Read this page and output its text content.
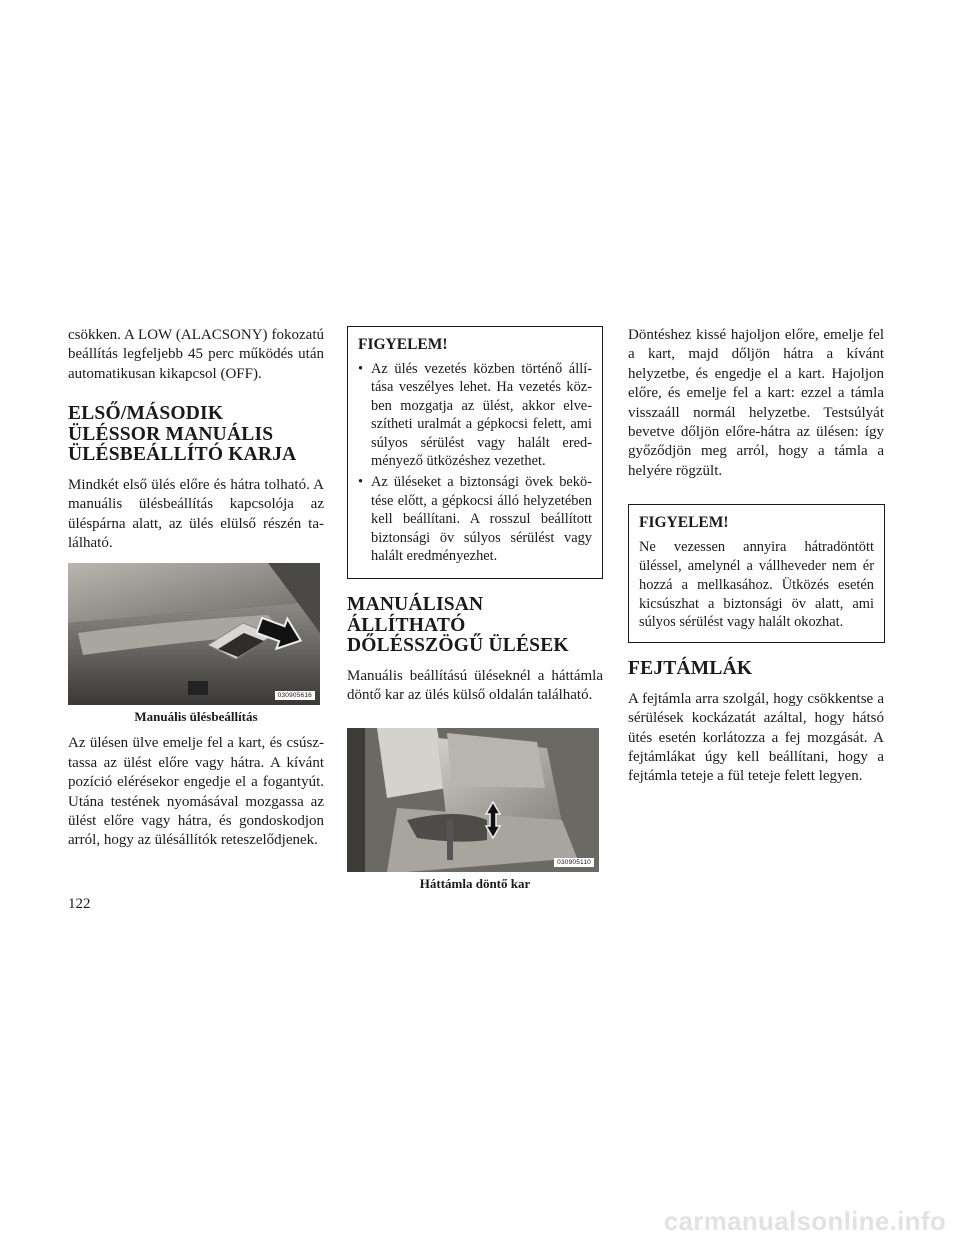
csökken. A LOW (ALACSONY) fokozatú beállítás legfeljebb 45 perc működés után automatikusan kikapcsol (OFF).

ELSŐ/MÁSODIK
ÜLÉSSOR MANUÁLIS
ÜLÉSBEÁLLÍTÓ KARJA

Mindkét első ülés előre és hátra tolható. A manuális ülésbeállítás kapcsolója az üléspárna alatt, az ülés elülső részén található.

030905616
Manuális ülésbeállítás

Az ülésen ülve emelje fel a kart, és csúsztassa az ülést előre vagy hátra. A kívánt pozíció elérésekor engedje el a fogantyút. Utána testének nyomásával mozgassa az ülést előre vagy hátra, és gondoskodjon arról, hogy az ülésállítók reteszelődjenek.

FIGYELEM!
• Az ülés vezetés közben történő állítása veszélyes lehet. Ha vezetés közben mozgatja az ülést, akkor elveszítheti uralmát a gépkocsi felett, ami súlyos sérülést vagy halált eredményező ütközéshez vezethet.
• Az üléseket a biztonsági övek bekötése előtt, a gépkocsi álló helyzetében kell beállítani. A rosszul beállított biztonsági öv súlyos sérülést vagy halált eredményezhet.
MANUÁLISAN
ÁLLÍTHATÓ
DŐLÉSSZÖGŰ ÜLÉSEK

Manuális beállítású üléseknél a háttámla döntő kar az ülés külső oldalán található.

030905110
Háttámla döntő kar

Döntéshez kissé hajoljon előre, emelje fel a kart, majd dőljön hátra a kívánt helyzetbe, és engedje el a kart. Hajoljon előre, és emelje fel a kart: ezzel a támla visszaáll normál helyzetbe. Testsúlyát bevetve dőljön előre-hátra az ülésen: így győződjön meg arról, hogy a támla a helyére rögzült.

FIGYELEM!

Ne vezessen annyira hátradöntött üléssel, amelynél a vállheveder nem ér hozzá a mellkasához. Ütközés esetén kicsúszhat a biztonsági öv alatt, ami súlyos sérülést vagy halált okozhat.

FEJTÁMLÁK

A fejtámla arra szolgál, hogy csökkentse a sérülések kockázatát azáltal, hogy hátsó ütés esetén korlátozza a fej mozgását. A fejtámlákat úgy kell beállítani, hogy a fejtámla teteje a fül teteje felett legyen.

122
carmanualsonline.info
